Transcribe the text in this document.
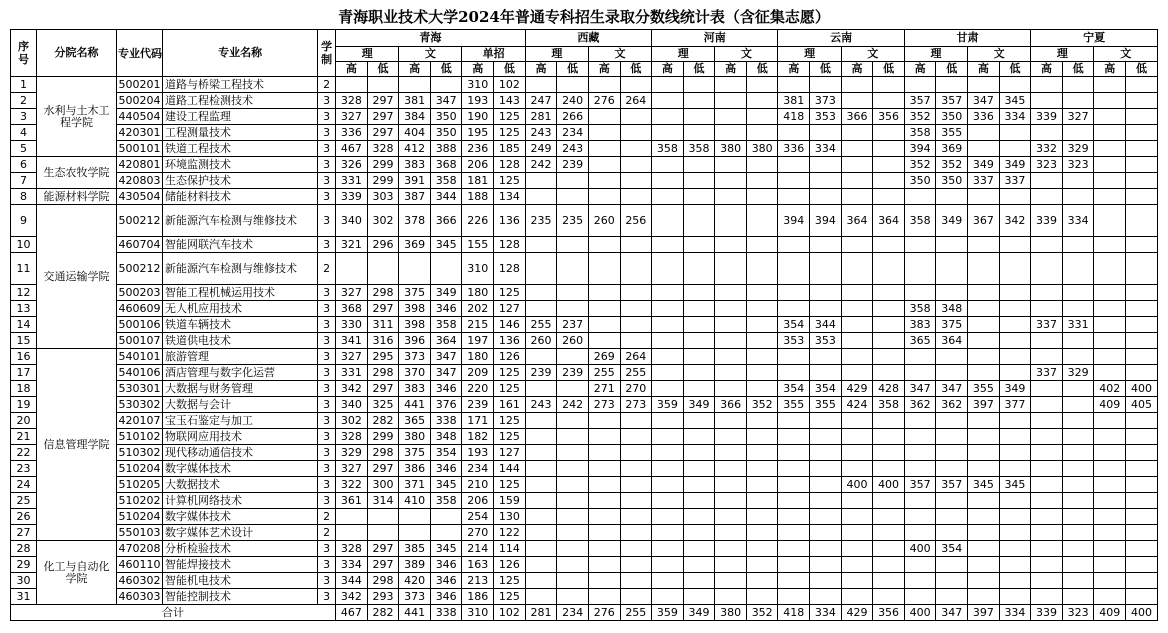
青海职业技术大学2024年普通专科招生录取分数线统计表（含征集志愿）
序号	分院名称	专业代码	专业名称	学制	青海						西藏				河南				云南				甘肃				宁夏			
					理		文		单招		理		文		理		文		理		文		理		文		理		文	
					高	低	高	低	高	低	高	低	高	低	高	低	高	低	高	低	高	低	高	低	高	低	高	低	高	低
1	水利与土木工程学院	500201	道路与桥梁工程技术	2					310	102																				
2		500204	道路工程检测技术	3	328	297	381	347	193	143	247	240	276	264					381	373			357	357	347	345				
3		440504	建设工程监理	3	327	297	384	350	190	125	281	266							418	353	366	356	352	350	336	334	339	327		
4		420301	工程测量技术	3	336	297	404	350	195	125	243	234											358	355						
5		500101	铁道工程技术	3	467	328	412	388	236	185	249	243			358	358	380	380	336	334			394	369			332	329		
6	生态农牧学院	420801	环境监测技术	3	326	299	383	368	206	128	242	239											352	352	349	349	323	323		
7		420803	生态保护技术	3	331	299	391	358	181	125													350	350	337	337				
8	能源材料学院	430504	储能材料技术	3	339	303	387	344	188	134																				
9	交通运输学院	500212	新能源汽车检测与维修技术	3	340	302	378	366	226	136	235	235	260	256					394	394	364	364	358	349	367	342	339	334		
10		460704	智能网联汽车技术	3	321	296	369	345	155	128																				
11		500212	新能源汽车检测与维修技术	2					310	128																				
12		500203	智能工程机械运用技术	3	327	298	375	349	180	125																				
13		460609	无人机应用技术	3	368	297	398	346	202	127													358	348						
14		500106	铁道车辆技术	3	330	311	398	358	215	146	255	237							354	344			383	375			337	331		
15		500107	铁道供电技术	3	341	316	396	364	197	136	260	260							353	353			365	364						
16	信息管理学院	540101	旅游管理	3	327	295	373	347	180	126			269	264																
17		540106	酒店管理与数字化运营	3	331	298	370	347	209	125	239	239	255	255													337	329		
18		530301	大数据与财务管理	3	342	297	383	346	220	125			271	270					354	354	429	428	347	347	355	349			402	400
19		530302	大数据与会计	3	340	325	441	376	239	161	243	242	273	273	359	349	366	352	355	355	424	358	362	362	397	377			409	405
20		420107	宝玉石鉴定与加工	3	302	282	365	338	171	125																				
21		510102	物联网应用技术	3	328	299	380	348	182	125																				
22		510302	现代移动通信技术	3	329	298	375	354	193	127																				
23		510204	数字媒体技术	3	327	297	386	346	234	144																				
24		510205	大数据技术	3	322	300	371	345	210	125											400	400	357	357	345	345				
25		510202	计算机网络技术	3	361	314	410	358	206	159																				
26		510204	数字媒体技术	2					254	130																				
27		550103	数字媒体艺术设计	2					270	122																				
28	化工与自动化学院	470208	分析检验技术	3	328	297	385	345	214	114													400	354						
29		460110	智能焊接技术	3	334	297	389	346	163	126																				
30		460302	智能机电技术	3	344	298	420	346	213	125																				
31		460303	智能控制技术	3	342	293	373	346	186	125																				
合计					467	282	441	338	310	102	281	234	276	255	359	349	380	352	418	334	429	356	400	347	397	334	339	323	409	400
